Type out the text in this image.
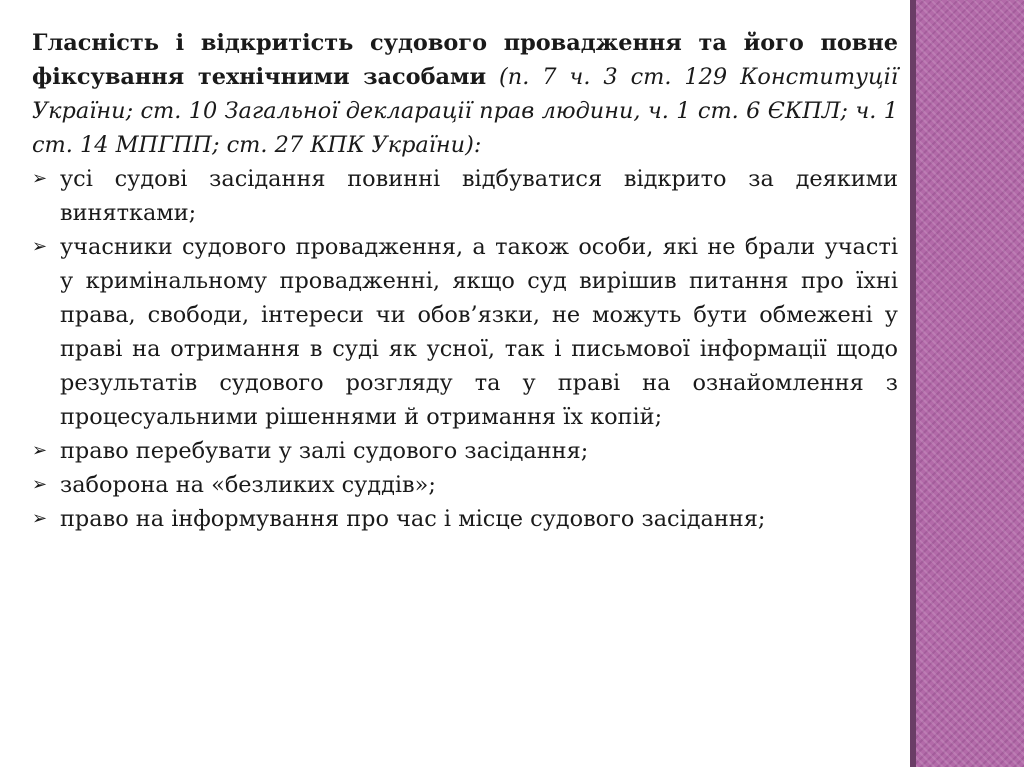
Гласність і відкритість судового провадження та його повне фіксування технічними засобами (п. 7 ч. 3 ст. 129 Конституції України; ст. 10 Загальної декларації прав людини, ч. 1 ст. 6 ЄКПЛ; ч. 1 ст. 14 МПГПП; ст. 27 КПК України):

➢ усі судові засідання повинні відбуватися відкрито за деякими винятками;
➢ учасники судового провадження, а також особи, які не брали участі у кримінальному провадженні, якщо суд вирішив питання про їхні права, свободи, інтереси чи обов’язки, не можуть бути обмежені у праві на отримання в суді як усної, так і письмової інформації щодо результатів судового розгляду та у праві на ознайомлення з процесуальними рішеннями й отримання їх копій;
➢ право перебувати у залі судового засідання;
➢ заборона на «безликих суддів»;
➢ право на інформування про час і місце судового засідання;
